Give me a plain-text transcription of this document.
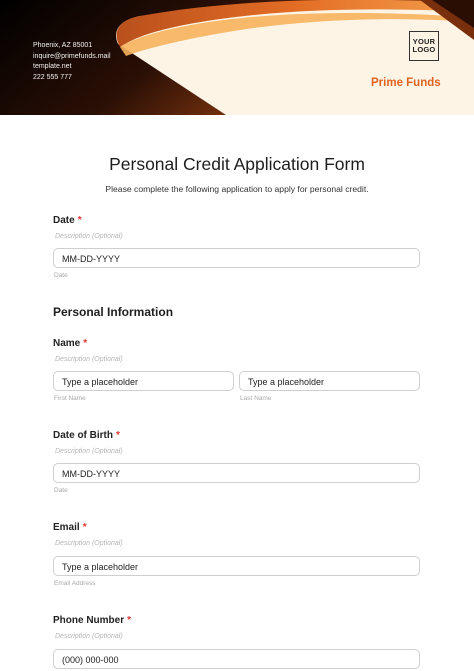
Phoenix, AZ 85001
inquire@primefunds.mail
template.net
222 555 777
YOUR
LOGO
Prime Funds
Personal Credit Application Form
Please complete the following application to apply for personal credit.
Date *
Description (Optional)
MM-DD-YYYY
Date
Personal Information
Name *
Description (Optional)
Type a placeholder	Type a placeholder
First Name	Last Name
Date of Birth *
Description (Optional)
MM-DD-YYYY
Date
Email *
Description (Optional)
Type a placeholder
Email Address
Phone Number *
Description (Optional)
(000) 000-000
